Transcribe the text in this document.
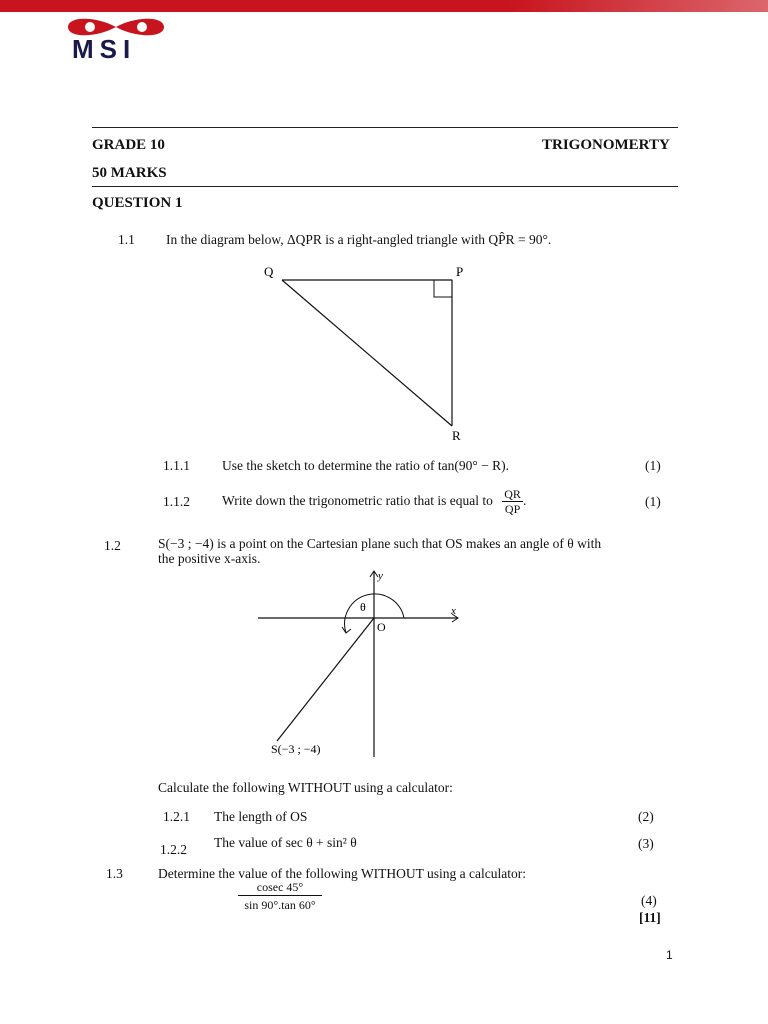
MSI
GRADE 10	TRIGONOMERTY
50 MARKS
QUESTION 1
1.1 In the diagram below, ΔQPR is a right-angled triangle with QP̂R = 90°.
Q	P
R
1.1.1 Use the sketch to determine the ratio of tan(90° − R).	(1)
1.1.2 Write down the trigonometric ratio that is equal to $\frac{QR}{QP}$ .	(1)
1.2	S(−3 ; −4) is a point on the Cartesian plane such that OS makes an angle of θ with
the positive x-axis.
y
x
θ
O
S(−3 ; −4)
Calculate the following WITHOUT using a calculator:
1.2.1 The length of OS	(2)
1.2.2 The value of sec θ + sin² θ	(3)
1.3	Determine the value of the following WITHOUT using a calculator:
cosec 45°
sin 90°.tan 60°	(4)
[11]
1
